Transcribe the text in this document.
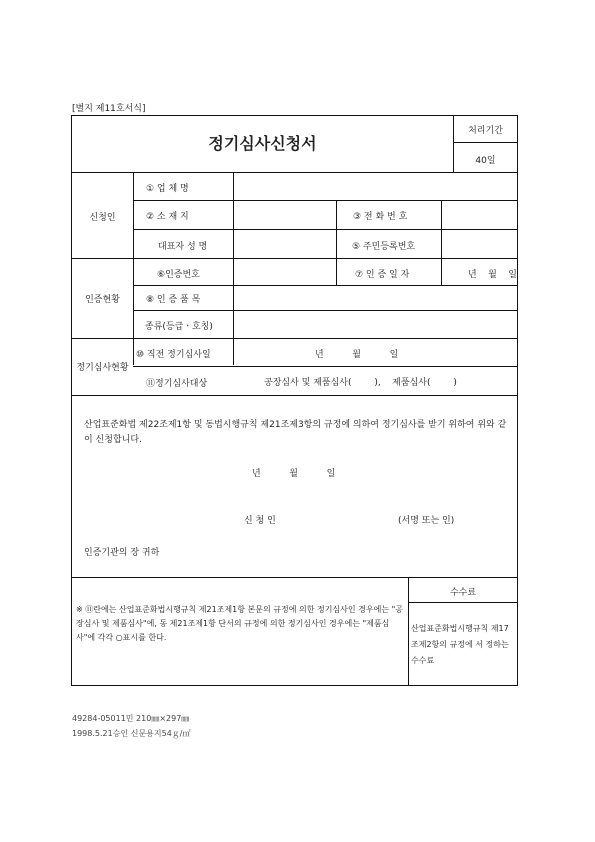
[별지 제11호서식]
정기심사신청서
처리기간
40일
신청인
① 업 체 명
② 소 재 지	③ 전 화 번 호
대표자 성 명	⑤ 주민등록번호
인증현황
⑥인증번호	⑦ 인 증 일 자	년    월    일
⑧ 인 증 품 목
종류(등급ㆍ호칭)
정기심사현황
⑩ 직전 정기심사일	년          월          일
⑪정기심사대상	공장심사 및 제품심사(        ),    제품심사(        )
산업표준화법 제22조제1항 및 동법시행규칙 제21조제3항의 규정에 의하여 정기심사를 받기 위하여 위와 같이 신청합니다.
년          월          일
신 청 인	(서명 또는 인)
인증기관의 장 귀하
※ ⑪란에는 산업표준화법시행규칙 제21조제1항 본문의 규정에 의한 정기심사인 경우에는 "공장심사 및 제품심사"에, 동 제21조제1항 단서의 규정에 의한 정기심사인 경우에는 "제품심사"에 각각 ○표시를 한다.
수수료
산업표준화법시행규칙 제17조제2항의 규정에 서 정하는 수수료
49284-05011민 210㎜×297㎜
1998.5.21승인 신문용지54ｇ/㎡
